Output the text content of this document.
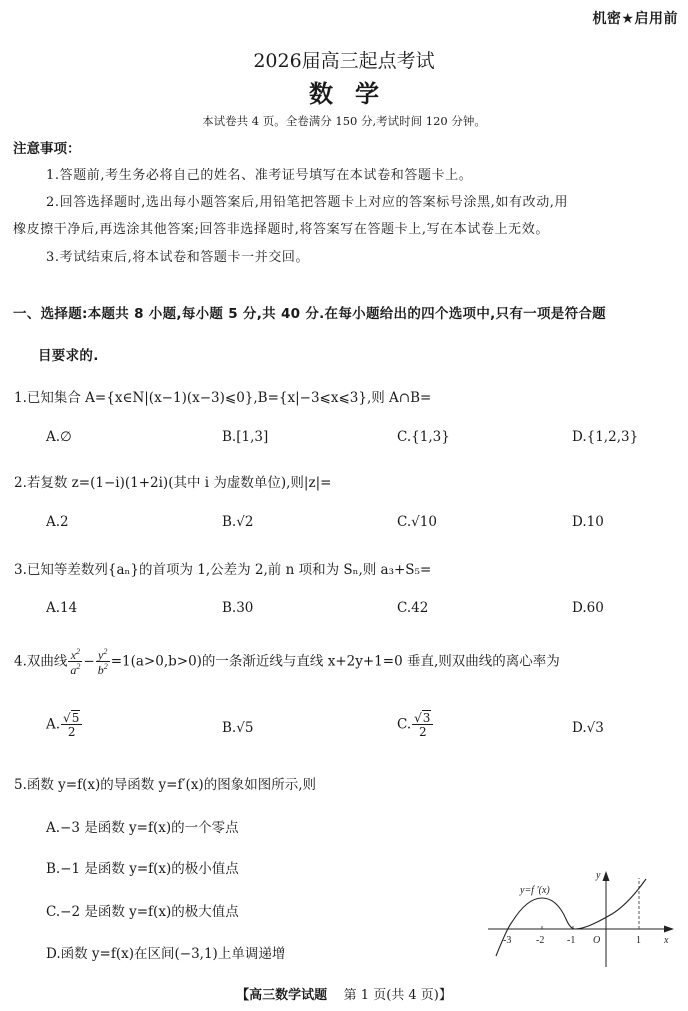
机密★启用前
2026届高三起点考试
数学
本试卷共 4 页。全卷满分 150 分,考试时间 120 分钟。
注意事项：
1.答题前,考生务必将自己的姓名、准考证号填写在本试卷和答题卡上。
2.回答选择题时,选出每小题答案后,用铅笔把答题卡上对应的答案标号涂黑,如有改动,用
橡皮擦干净后,再选涂其他答案;回答非选择题时,将答案写在答题卡上,写在本试卷上无效。
3.考试结束后,将本试卷和答题卡一并交回。
一、选择题:本题共 8 小题,每小题 5 分,共 40 分.在每小题给出的四个选项中,只有一项是符合题
目要求的.
1.已知集合 A={x∈N|(x−1)(x−3)⩽0},B={x|−3⩽x⩽3},则 A∩B=
A.∅	B.[1,3]	C.{1,3}	D.{1,2,3}
2.若复数 z=(1−i)(1+2i)(其中 i 为虚数单位),则|z|=
A.2	B.√2	C.√10	D.10
3.已知等差数列{aₙ}的首项为 1,公差为 2,前 n 项和为 Sₙ,则 a₃+S₅=
A.14	B.30	C.42	D.60
4.双曲线 $\frac{x^2}{a^2} - \frac{y^2}{b^2} =1(a>0,b>0)$的一条渐近线与直线 x+2y+1=0 垂直,则双曲线的离心率为
A. $\frac{√5}{2}$	B.√5	C. $\frac{√3}{2}$	D.√3
5.函数 y=f(x)的导函数 y=f′(x)的图象如图所示,则
A.−3 是函数 y=f(x)的一个零点
B.−1 是函数 y=f(x)的极小值点
C.−2 是函数 y=f(x)的极大值点
D.函数 y=f(x)在区间(−3,1)上单调递增
y=f ′(x)
-3 -2 -1 O	1 x
y
【高三数学试题 第 1 页(共 4 页)】
